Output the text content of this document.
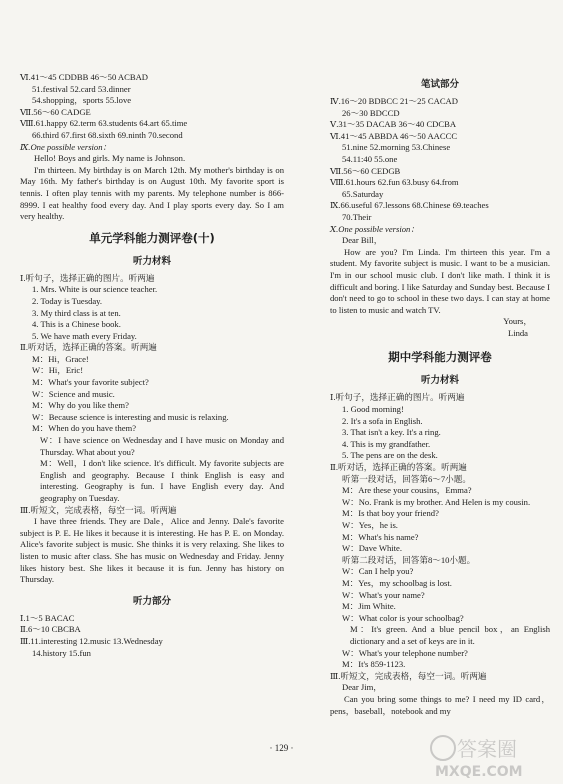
Ⅵ.41～45 CDDBB 46～50 ACBAD
51.festival 52.card 53.dinner
54.shopping，sports 55.love
Ⅶ.56～60 CADGE
Ⅷ.61.happy 62.term 63.students 64.art 65.time
66.third 67.first 68.sixth 69.ninth 70.second
Ⅸ.One possible version：
Hello! Boys and girls. My name is Johnson.
I'm thirteen. My birthday is on March 12th. My mother's birthday is on May 16th. My father's birthday is on August 10th. My favorite sport is tennis. I often play tennis with my parents. My telephone number is 866-8999. I eat healthy food every day. And I play sports every day. So I am very healthy.
单元学科能力测评卷(十)
听力材料
Ⅰ.听句子，选择正确的图片。听两遍
1. Mrs. White is our science teacher.
2. Today is Tuesday.
3. My third class is at ten.
4. This is a Chinese book.
5. We have math every Friday.
Ⅱ.听对话，选择正确的答案。听两遍
M：Hi，Grace!
W：Hi，Eric!
M：What's your favorite subject?
W：Science and music.
M：Why do you like them?
W：Because science is interesting and music is relaxing.
M：When do you have them?
W：I have science on Wednesday and I have music on Monday and Thursday. What about you?
M：Well，I don't like science. It's difficult. My favorite subjects are English and geography. Because I think English is easy and interesting. Geography is fun. I have English every day. And geography on Tuesday.
Ⅲ.听短文，完成表格，每空一词。听两遍
I have three friends. They are Dale，Alice and Jenny. Dale's favorite subject is P. E. He likes it because it is interesting. He has P. E. on Monday. Alice's favorite subject is music. She thinks it is very relaxing. She likes to listen to music after class. She has music on Wednesday and Friday. Jenny likes history best. She likes it because it is fun. Jenny has history on Thursday.
听力部分
Ⅰ.1～5 BACAC
Ⅱ.6～10 CBCBA
Ⅲ.11.interesting 12.music 13.Wednesday
14.history 15.fun
笔试部分
Ⅳ.16～20 BDBCC 21～25 CACAD
26～30 BDCCD
Ⅴ.31～35 DACAB 36～40 CDCBA
Ⅵ.41～45 ABBDA 46～50 AACCC
51.nine 52.morning 53.Chinese
54.11:40 55.one
Ⅶ.56～60 CEDGB
Ⅷ.61.hours 62.fun 63.busy 64.from
65.Saturday
Ⅸ.66.useful 67.lessons 68.Chinese 69.teaches
70.Their
Ⅹ.One possible version：
Dear Bill，
How are you? I'm Linda. I'm thirteen this year. I'm a student. My favorite subject is music. I want to be a musician. I'm in our school music club. I don't like math. I think it is difficult and boring. I like Saturday and Sunday best. Because I don't need to go to school in these two days. I can stay at home to listen to music and watch TV.
Yours，
Linda
期中学科能力测评卷
听力材料
Ⅰ.听句子，选择正确的图片。听两遍
1. Good morning!
2. It's a sofa in English.
3. That isn't a key. It's a ring.
4. This is my grandfather.
5. The pens are on the desk.
Ⅱ.听对话，选择正确的答案。听两遍
听第一段对话，回答第6～7小题。
M：Are these your cousins，Emma?
W：No. Frank is my brother. And Helen is my cousin.
M：Is that boy your friend?
W：Yes，he is.
M：What's his name?
W：Dave White.
听第二段对话，回答第8～10小题。
W：Can I help you?
M：Yes，my schoolbag is lost.
W：What's your name?
M：Jim White.
W：What color is your schoolbag?
M：It's green. And a blue pencil box，an English dictionary and a set of keys are in it.
W：What's your telephone number?
M：It's 859-1123.
Ⅲ.听短文，完成表格，每空一词。听两遍
Dear Jim，
Can you bring some things to me? I need my ID card，pens，baseball，notebook and my
· 129 ·	答案圈
MXQE.COM
